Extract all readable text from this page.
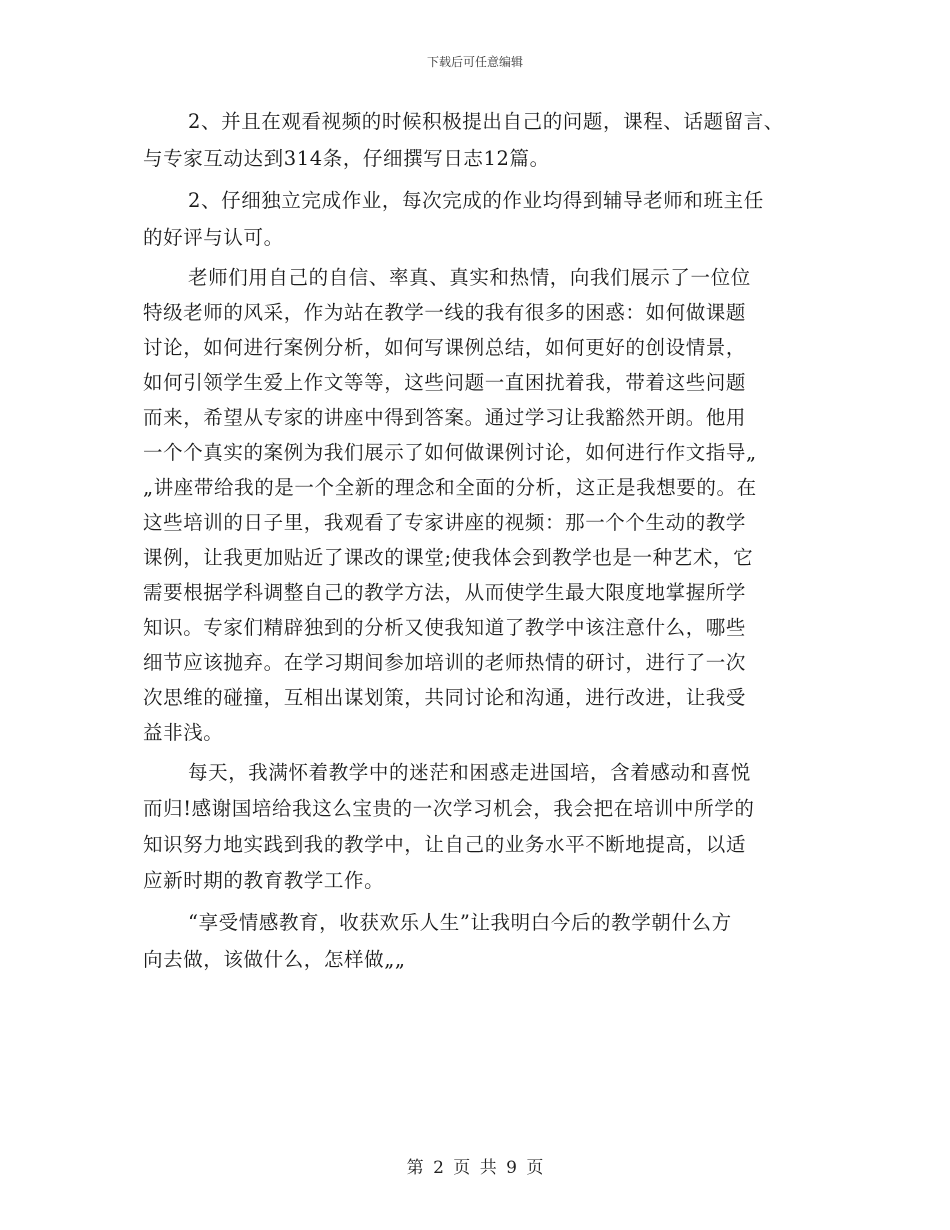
下载后可任意编辑
2、并且在观看视频的时候积极提出自己的问题，课程、话题留言、
与专家互动达到314条，仔细撰写日志12篇。
2、仔细独立完成作业，每次完成的作业均得到辅导老师和班主任
的好评与认可。
老师们用自己的自信、率真、真实和热情，向我们展示了一位位
特级老师的风采，作为站在教学一线的我有很多的困惑：如何做课题
讨论，如何进行案例分析，如何写课例总结，如何更好的创设情景，
如何引领学生爱上作文等等，这些问题一直困扰着我，带着这些问题
而来，希望从专家的讲座中得到答案。通过学习让我豁然开朗。他用
一个个真实的案例为我们展示了如何做课例讨论，如何进行作文指导„
„讲座带给我的是一个全新的理念和全面的分析，这正是我想要的。在
这些培训的日子里，我观看了专家讲座的视频：那一个个生动的教学
课例，让我更加贴近了课改的课堂;使我体会到教学也是一种艺术，它
需要根据学科调整自己的教学方法，从而使学生最大限度地掌握所学
知识。专家们精辟独到的分析又使我知道了教学中该注意什么，哪些
细节应该抛弃。在学习期间参加培训的老师热情的研讨，进行了一次
次思维的碰撞，互相出谋划策，共同讨论和沟通，进行改进，让我受
益非浅。
每天，我满怀着教学中的迷茫和困惑走进国培，含着感动和喜悦
而归!感谢国培给我这么宝贵的一次学习机会，我会把在培训中所学的
知识努力地实践到我的教学中，让自己的业务水平不断地提高，以适
应新时期的教育教学工作。
“享受情感教育，收获欢乐人生”让我明白今后的教学朝什么方
向去做，该做什么，怎样做„„
第 2 页 共 9 页
